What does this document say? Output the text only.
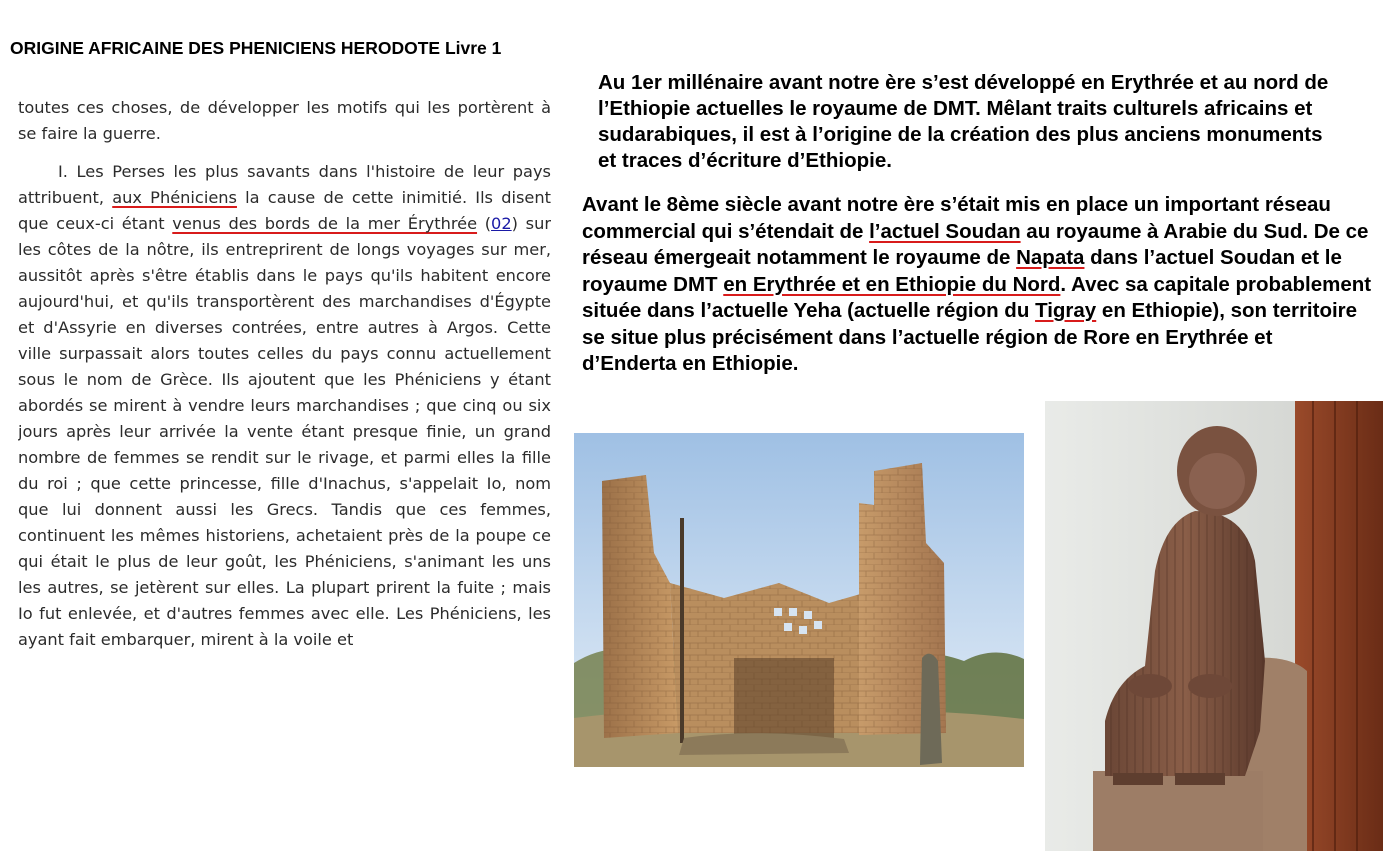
ORIGINE AFRICAINE DES PHENICIENS HERODOTE Livre 1

toutes ces choses, de développer les motifs qui les portèrent à se faire la guerre.

I. Les Perses les plus savants dans l'histoire de leur pays attribuent, aux Phéniciens la cause de cette inimitié. Ils disent que ceux-ci étant venus des bords de la mer Érythrée (02) sur les côtes de la nôtre, ils entreprirent de longs voyages sur mer, aussitôt après s'être établis dans le pays qu'ils habitent encore aujourd'hui, et qu'ils transportèrent des marchandises d'Égypte et d'Assyrie en diverses contrées, entre autres à Argos. Cette ville surpassait alors toutes celles du pays connu actuellement sous le nom de Grèce. Ils ajoutent que les Phéniciens y étant abordés se mirent à vendre leurs marchandises ; que cinq ou six jours après leur arrivée la vente étant presque finie, un grand nombre de femmes se rendit sur le rivage, et parmi elles la fille du roi ; que cette princesse, fille d'Inachus, s'appelait Io, nom que lui donnent aussi les Grecs. Tandis que ces femmes, continuent les mêmes historiens, achetaient près de la poupe ce qui était le plus de leur goût, les Phéniciens, s'animant les uns les autres, se jetèrent sur elles. La plupart prirent la fuite ; mais Io fut enlevée, et d'autres femmes avec elle. Les Phéniciens, les ayant fait embarquer, mirent à la voile et

Au 1er millénaire avant notre ère s’est développé en Erythrée et au nord de l’Ethiopie actuelles le royaume de DMT. Mêlant traits culturels africains et sudarabiques, il est à l’origine de la création des plus anciens monuments et traces d’écriture d’Ethiopie.

Avant le 8ème siècle avant notre ère s’était mis en place un important réseau commercial qui s’étendait de l’actuel Soudan au royaume à Arabie du Sud. De ce réseau émergeait notamment le royaume de Napata dans l’actuel Soudan et le royaume DMT en Erythrée et en Ethiopie du Nord. Avec sa capitale probablement située dans l’actuelle Yeha (actuelle région du Tigray en Ethiopie), son territoire se situe plus précisément dans l’actuelle région de Rore en Erythrée et d’Enderta en Ethiopie.
